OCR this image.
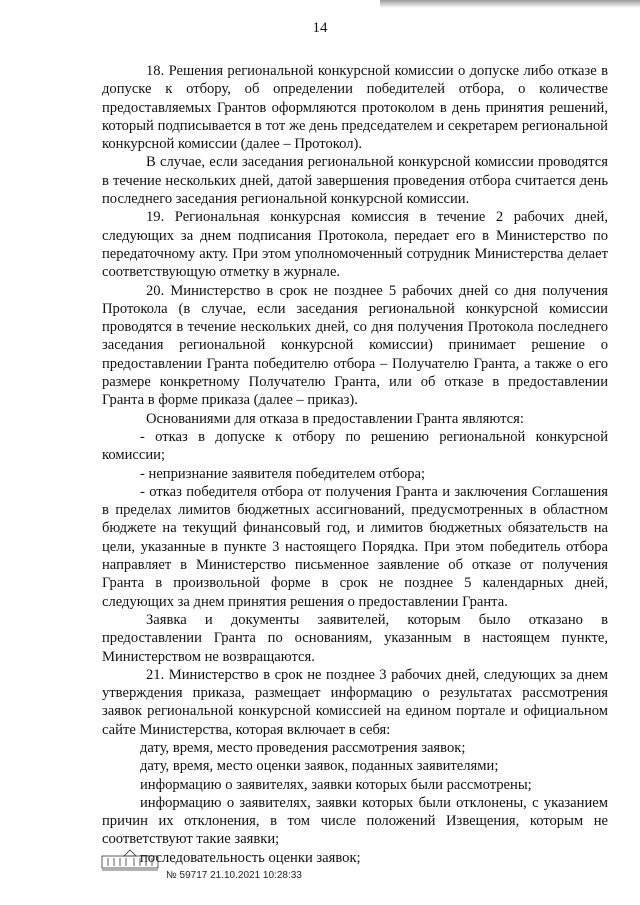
14

18. Решения региональной конкурсной комиссии о допуске либо отказе в допуске к отбору, об определении победителей отбора, о количестве предоставляемых Грантов оформляются протоколом в день принятия решений, который подписывается в тот же день председателем и секретарем региональной конкурсной комиссии (далее – Протокол).

В случае, если заседания региональной конкурсной комиссии проводятся в течение нескольких дней, датой завершения проведения отбора считается день последнего заседания региональной конкурсной комиссии.

19. Региональная конкурсная комиссия в течение 2 рабочих дней, следующих за днем подписания Протокола, передает его в Министерство по передаточному акту. При этом уполномоченный сотрудник Министерства делает соответствующую отметку в журнале.

20. Министерство в срок не позднее 5 рабочих дней со дня получения Протокола (в случае, если заседания региональной конкурсной комиссии проводятся в течение нескольких дней, со дня получения Протокола последнего заседания региональной конкурсной комиссии) принимает решение о предоставлении Гранта победителю отбора – Получателю Гранта, а также о его размере конкретному Получателю Гранта, или об отказе в предоставлении Гранта в форме приказа (далее – приказ).

Основаниями для отказа в предоставлении Гранта являются:

- отказ в допуске к отбору по решению региональной конкурсной комиссии;

- непризнание заявителя победителем отбора;

- отказ победителя отбора от получения Гранта и заключения Соглашения в пределах лимитов бюджетных ассигнований, предусмотренных в областном бюджете на текущий финансовый год, и лимитов бюджетных обязательств на цели, указанные в пункте 3 настоящего Порядка. При этом победитель отбора направляет в Министерство письменное заявление об отказе от получения Гранта в произвольной форме в срок не позднее 5 календарных дней, следующих за днем принятия решения о предоставлении Гранта.

Заявка и документы заявителей, которым было отказано в предоставлении Гранта по основаниям, указанным в настоящем пункте, Министерством не возвращаются.

21. Министерство в срок не позднее 3 рабочих дней, следующих за днем утверждения приказа, размещает информацию о результатах рассмотрения заявок региональной конкурсной комиссией на едином портале и официальном сайте Министерства, которая включает в себя:

дату, время, место проведения рассмотрения заявок;

дату, время, место оценки заявок, поданных заявителями;

информацию о заявителях, заявки которых были рассмотрены;

информацию о заявителях, заявки которых были отклонены, с указанием причин их отклонения, в том числе положений Извещения, которым не соответствуют такие заявки;

последовательность оценки заявок;

№ 59717 21.10.2021 10:28:33
